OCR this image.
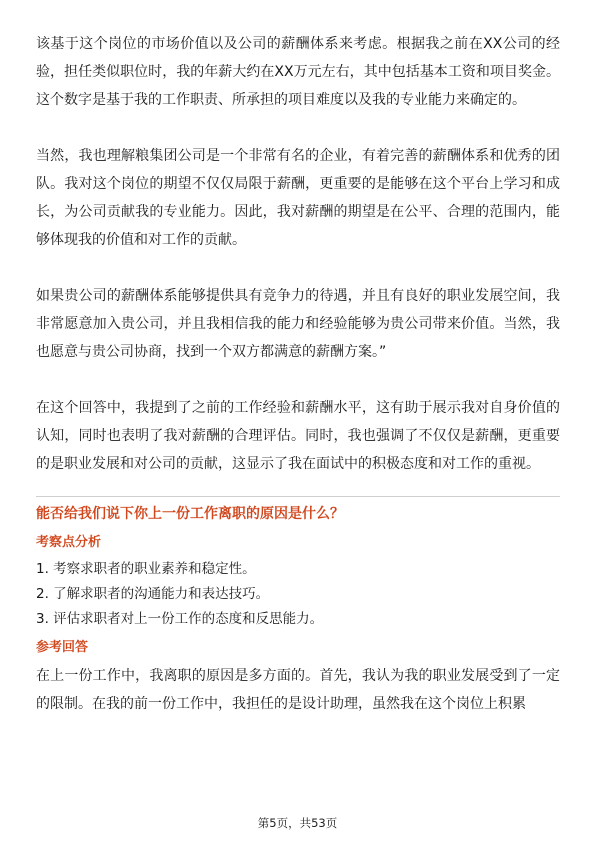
该基于这个岗位的市场价值以及公司的薪酬体系来考虑。根据我之前在XX公司的经验，担任类似职位时，我的年薪大约在XX万元左右，其中包括基本工资和项目奖金。这个数字是基于我的工作职责、所承担的项目难度以及我的专业能力来确定的。

当然，我也理解粮集团公司是一个非常有名的企业，有着完善的薪酬体系和优秀的团队。我对这个岗位的期望不仅仅局限于薪酬，更重要的是能够在这个平台上学习和成长，为公司贡献我的专业能力。因此，我对薪酬的期望是在公平、合理的范围内，能够体现我的价值和对工作的贡献。

如果贵公司的薪酬体系能够提供具有竞争力的待遇，并且有良好的职业发展空间，我非常愿意加入贵公司，并且我相信我的能力和经验能够为贵公司带来价值。当然，我也愿意与贵公司协商，找到一个双方都满意的薪酬方案。”

在这个回答中，我提到了之前的工作经验和薪酬水平，这有助于展示我对自身价值的认知，同时也表明了我对薪酬的合理评估。同时，我也强调了不仅仅是薪酬，更重要的是职业发展和对公司的贡献，这显示了我在面试中的积极态度和对工作的重视。

能否给我们说下你上一份工作离职的原因是什么？
考察点分析
1. 考察求职者的职业素养和稳定性。
2. 了解求职者的沟通能力和表达技巧。
3. 评估求职者对上一份工作的态度和反思能力。
参考回答

在上一份工作中，我离职的原因是多方面的。首先，我认为我的职业发展受到了一定的限制。在我的前一份工作中，我担任的是设计助理，虽然我在这个岗位上积累

第5页，共53页
